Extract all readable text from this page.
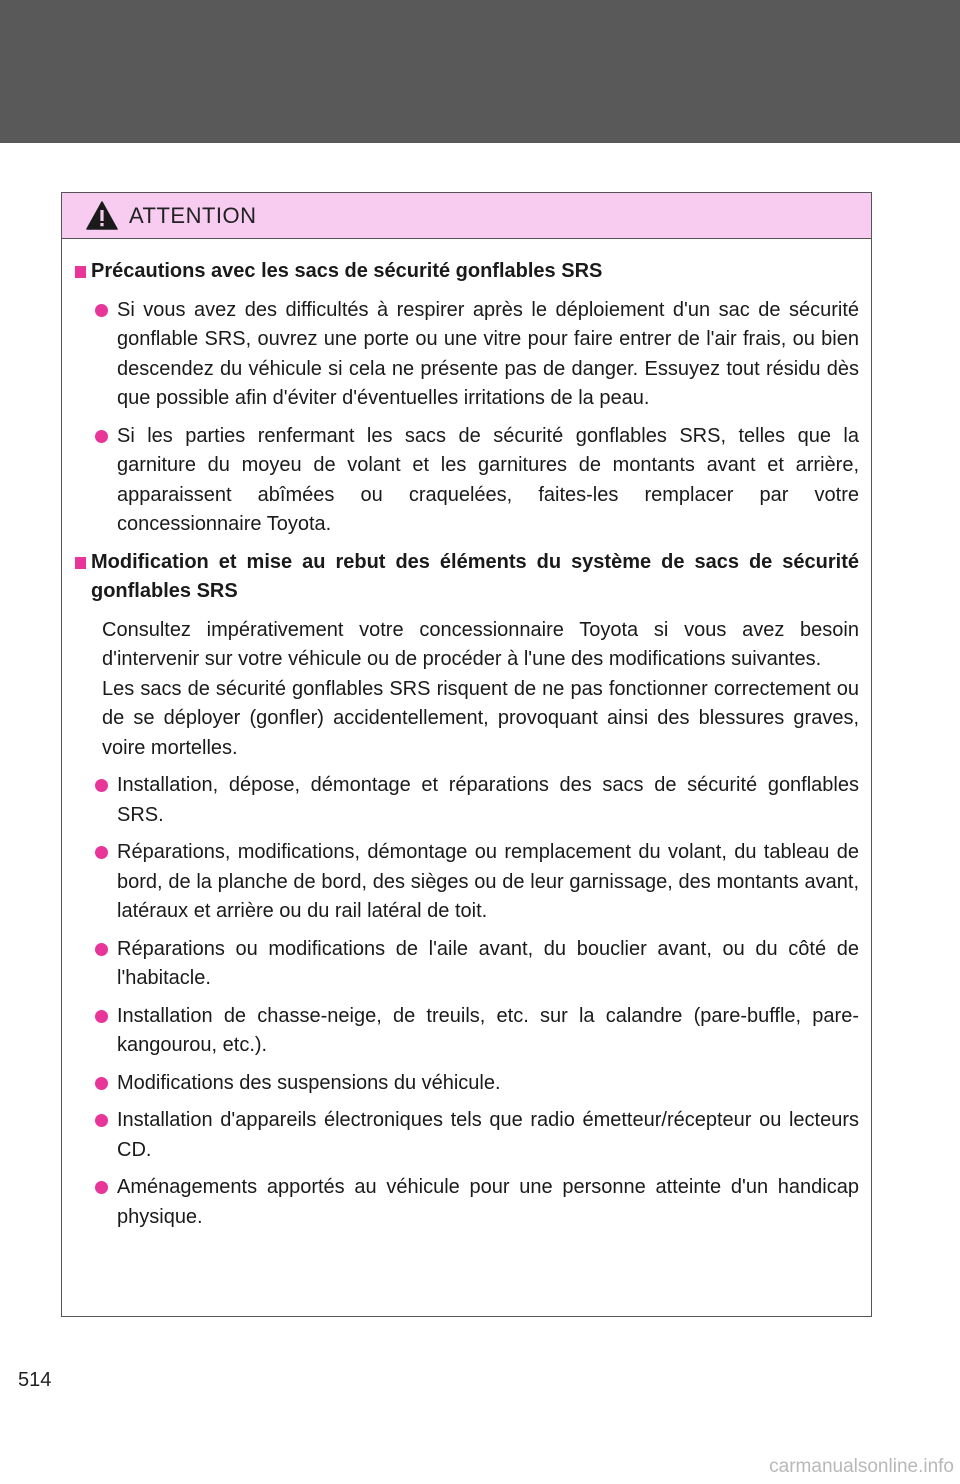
ATTENTION
Précautions avec les sacs de sécurité gonflables SRS
Si vous avez des difficultés à respirer après le déploiement d'un sac de sécurité gonflable SRS, ouvrez une porte ou une vitre pour faire entrer de l'air frais, ou bien descendez du véhicule si cela ne présente pas de danger. Essuyez tout résidu dès que possible afin d'éviter d'éventuelles irritations de la peau.
Si les parties renfermant les sacs de sécurité gonflables SRS, telles que la garniture du moyeu de volant et les garnitures de montants avant et arrière, apparaissent abîmées ou craquelées, faites-les remplacer par votre concessionnaire Toyota.
Modification et mise au rebut des éléments du système de sacs de sécurité gonflables SRS
Consultez impérativement votre concessionnaire Toyota si vous avez besoin d'intervenir sur votre véhicule ou de procéder à l'une des modifications suivantes.
Les sacs de sécurité gonflables SRS risquent de ne pas fonctionner correctement ou de se déployer (gonfler) accidentellement, provoquant ainsi des blessures graves, voire mortelles.
Installation, dépose, démontage et réparations des sacs de sécurité gonflables SRS.
Réparations, modifications, démontage ou remplacement du volant, du tableau de bord, de la planche de bord, des sièges ou de leur garnissage, des montants avant, latéraux et arrière ou du rail latéral de toit.
Réparations ou modifications de l'aile avant, du bouclier avant, ou du côté de l'habitacle.
Installation de chasse-neige, de treuils, etc. sur la calandre (pare-buffle, pare-kangourou, etc.).
Modifications des suspensions du véhicule.
Installation d'appareils électroniques tels que radio émetteur/récepteur ou lecteurs CD.
Aménagements apportés au véhicule pour une personne atteinte d'un handicap physique.
514
carmanualsonline.info
